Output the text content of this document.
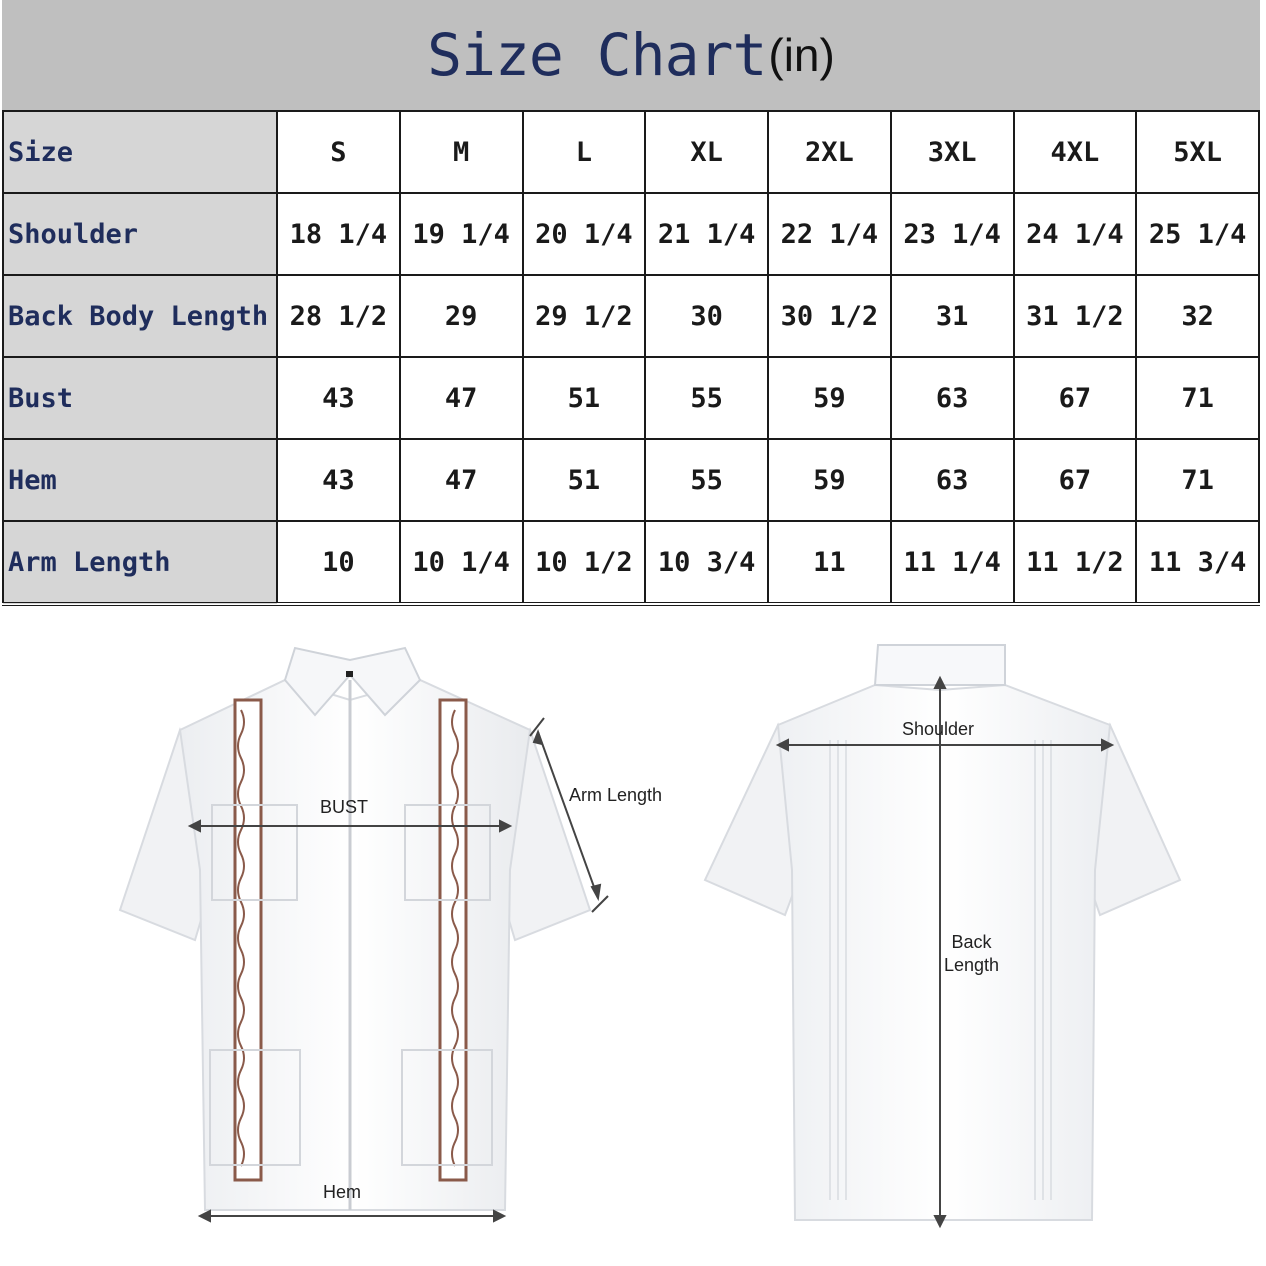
Size Chart (in)
Size	S	M	L	XL	2XL	3XL	4XL	5XL
Shoulder	18 1/4	19 1/4	20 1/4	21 1/4	22 1/4	23 1/4	24 1/4	25 1/4
Back Body Length	28 1/2	29	29 1/2	30	30 1/2	31	31 1/2	32
Bust	43	47	51	55	59	63	67	71
Hem	43	47	51	55	59	63	67	71
Arm Length	10	10 1/4	10 1/2	10 3/4	11	11 1/4	11 1/2	11 3/4
BUST
Arm Length
Hem
Shoulder
Back
Length
